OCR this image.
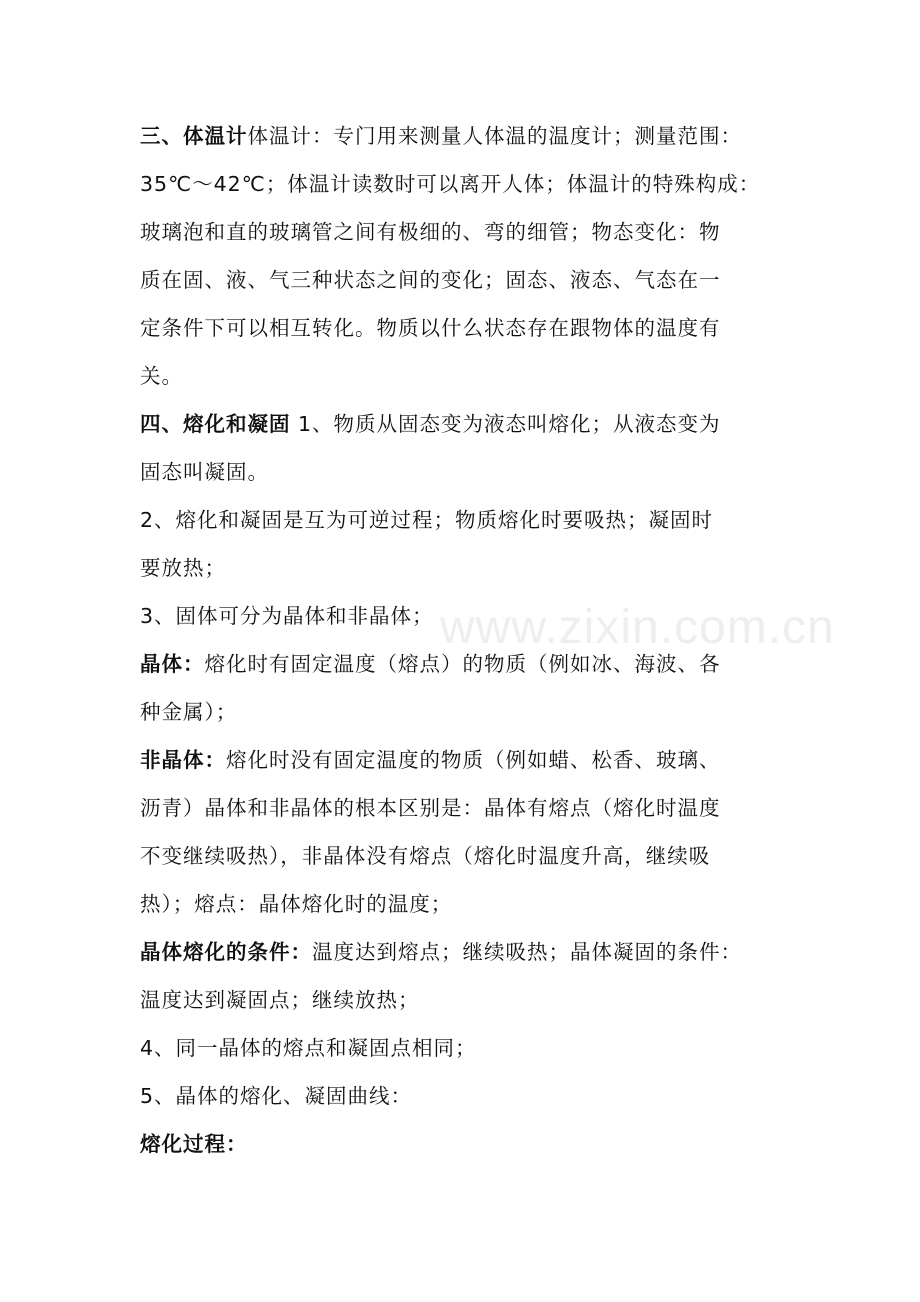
www.zixin.com.cn
三、体温计体温计：专门用来测量人体温的温度计；测量范围：
35℃～42℃；体温计读数时可以离开人体；体温计的特殊构成：
玻璃泡和直的玻璃管之间有极细的、弯的细管；物态变化：物
质在固、液、气三种状态之间的变化；固态、液态、气态在一
定条件下可以相互转化。物质以什么状态存在跟物体的温度有
关。
四、熔化和凝固 1、物质从固态变为液态叫熔化；从液态变为
固态叫凝固。
2、熔化和凝固是互为可逆过程；物质熔化时要吸热；凝固时
要放热；
3、固体可分为晶体和非晶体；
晶体：熔化时有固定温度（熔点）的物质（例如冰、海波、各
种金属）；
非晶体：熔化时没有固定温度的物质（例如蜡、松香、玻璃、
沥青）晶体和非晶体的根本区别是：晶体有熔点（熔化时温度
不变继续吸热），非晶体没有熔点（熔化时温度升高，继续吸
热）；熔点：晶体熔化时的温度；
晶体熔化的条件：温度达到熔点；继续吸热；晶体凝固的条件：
温度达到凝固点；继续放热；
4、同一晶体的熔点和凝固点相同；
5、晶体的熔化、凝固曲线：
熔化过程：
